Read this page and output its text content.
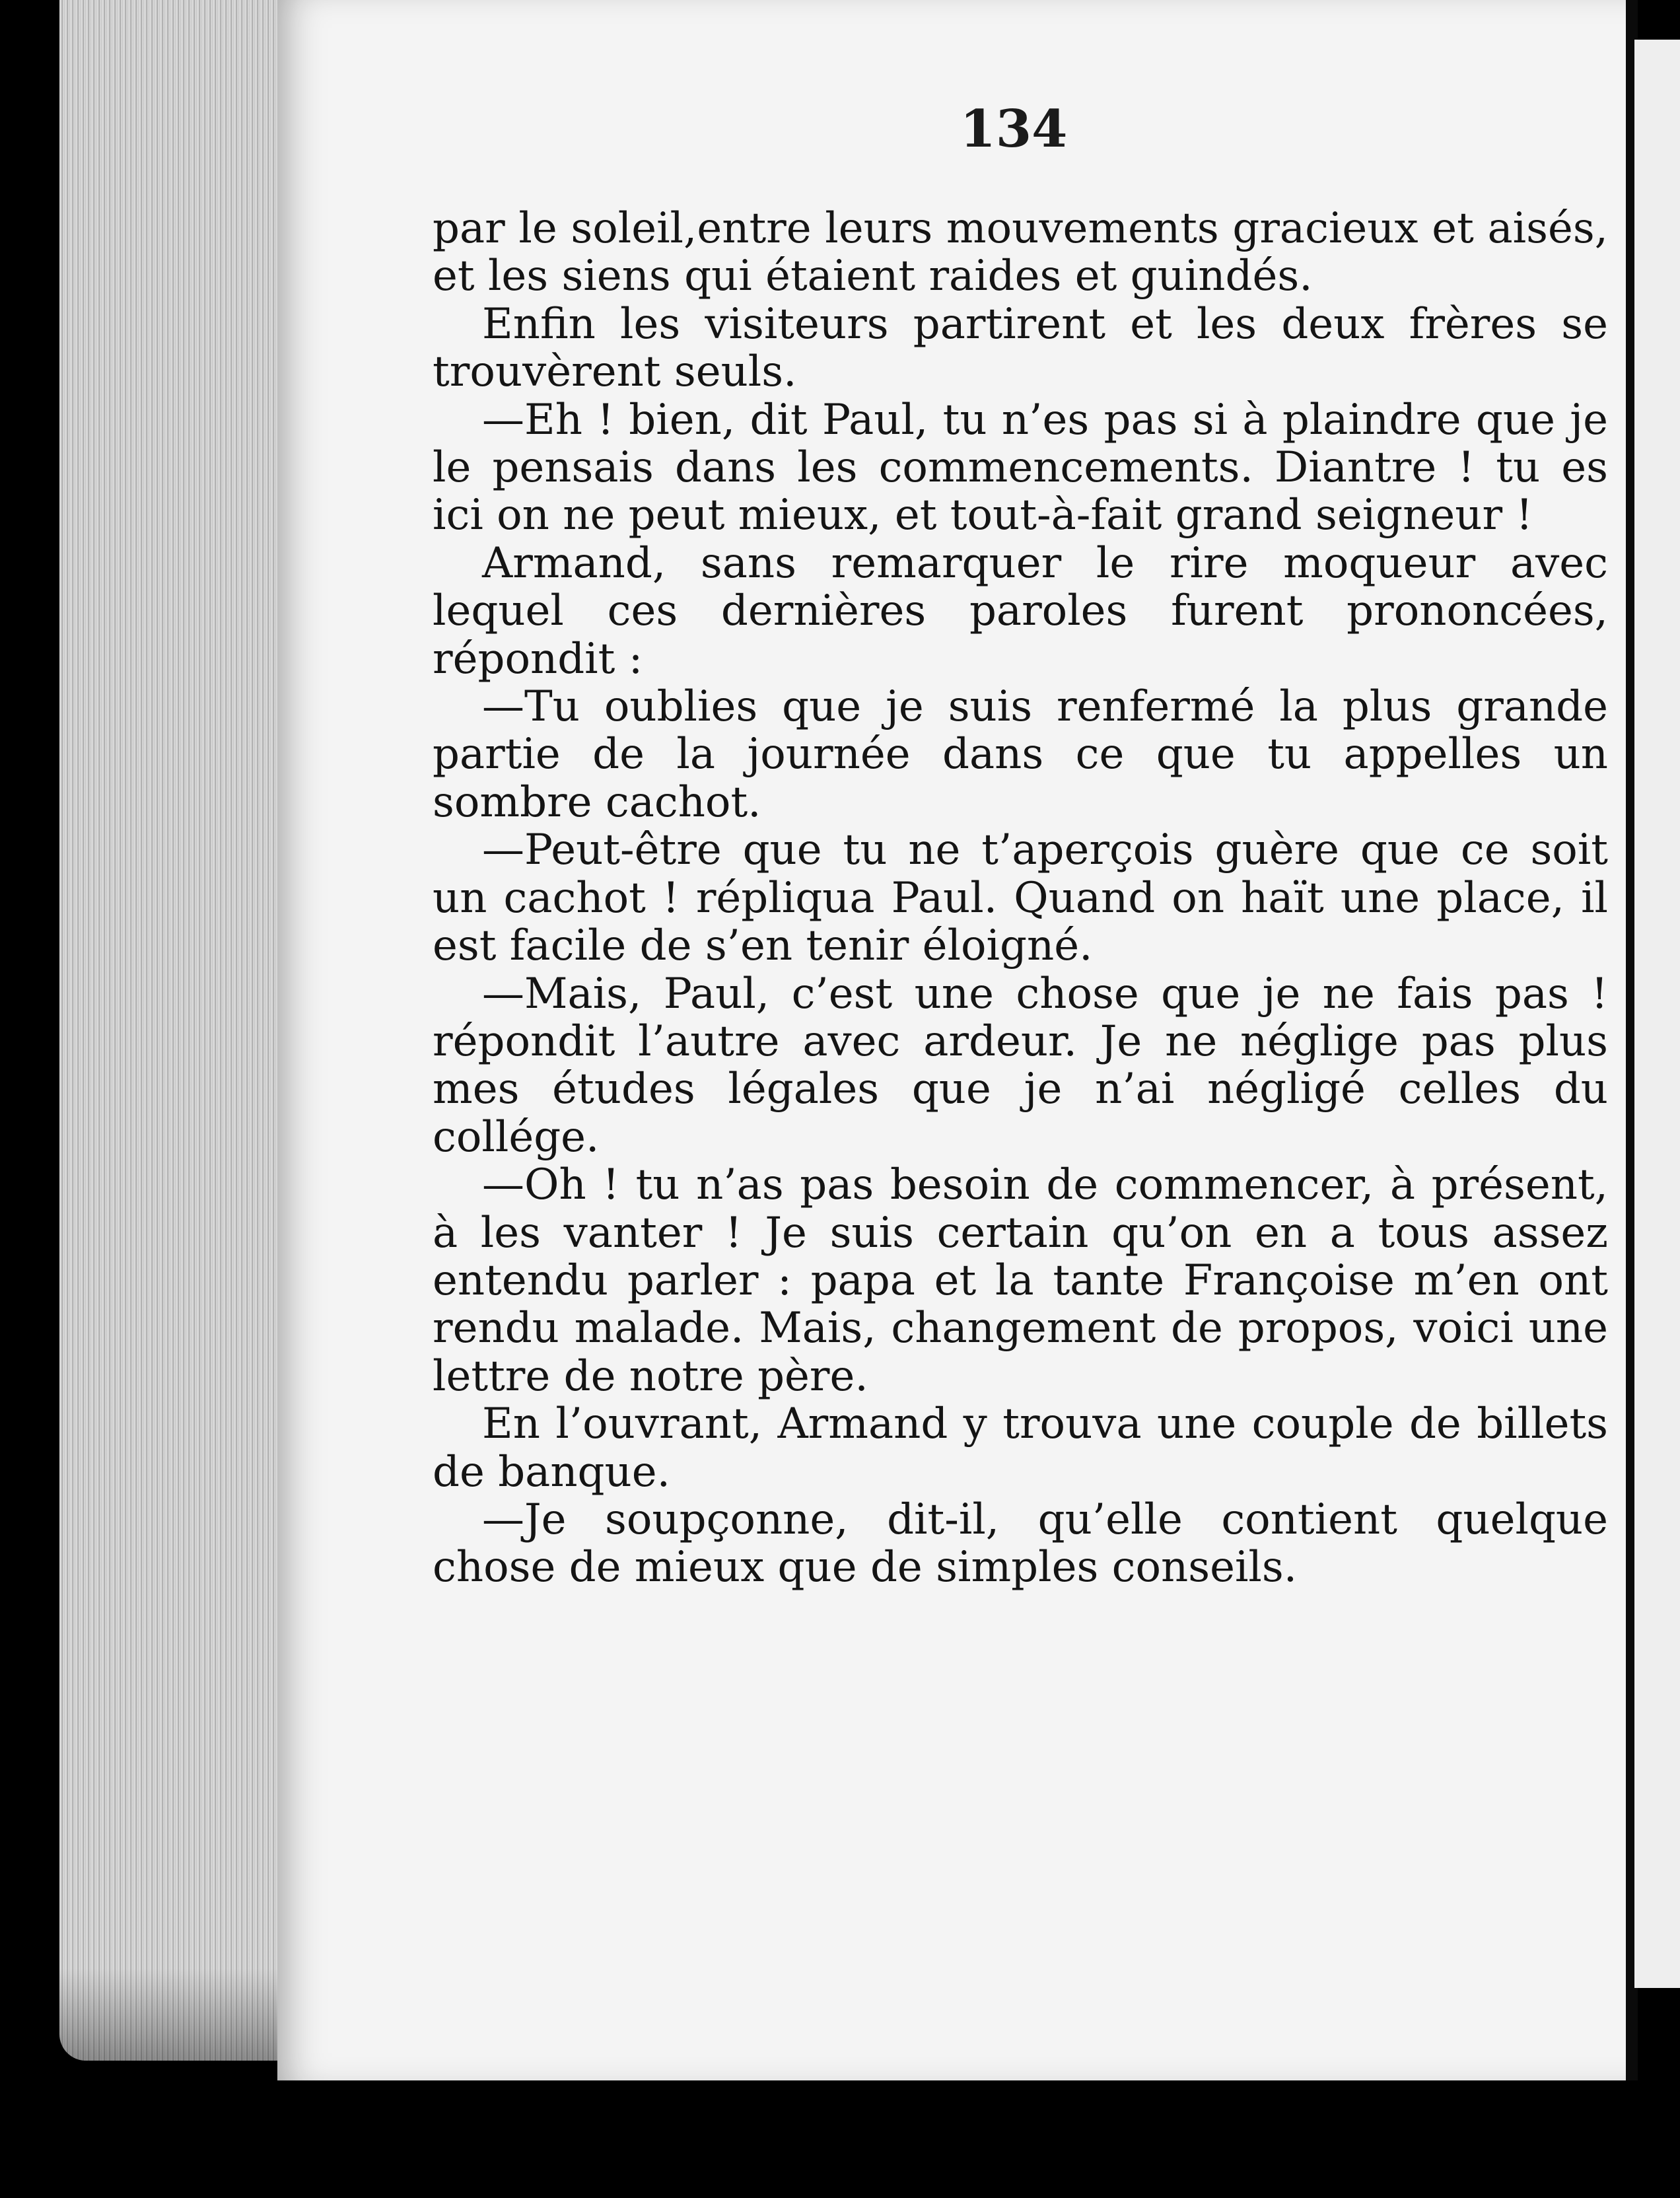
134

par le soleil,entre leurs mouvements gracieux et aisés, et les siens qui étaient raides et guindés.

Enfin les visiteurs partirent et les deux frères se trouvèrent seuls.

—Eh ! bien, dit Paul, tu n’es pas si à plaindre que je le pensais dans les commencements. Diantre ! tu es ici on ne peut mieux, et tout-à-fait grand seigneur !

Armand, sans remarquer le rire moqueur avec lequel ces dernières paroles furent prononcées, répondit :

—Tu oublies que je suis renfermé la plus grande partie de la journée dans ce que tu appelles un sombre cachot.

—Peut-être que tu ne t’aperçois guère que ce soit un cachot ! répliqua Paul. Quand on haït une place, il est facile de s’en tenir éloigné.

—Mais, Paul, c’est une chose que je ne fais pas ! répondit l’autre avec ardeur. Je ne néglige pas plus mes études légales que je n’ai négligé celles du collége.

—Oh ! tu n’as pas besoin de commencer, à présent, à les vanter ! Je suis certain qu’on en a tous assez entendu parler : papa et la tante Françoise m’en ont rendu malade. Mais, changement de propos, voici une lettre de notre père.

En l’ouvrant, Armand y trouva une couple de billets de banque.

—Je soupçonne, dit-il, qu’elle contient quelque chose de mieux que de simples conseils.
